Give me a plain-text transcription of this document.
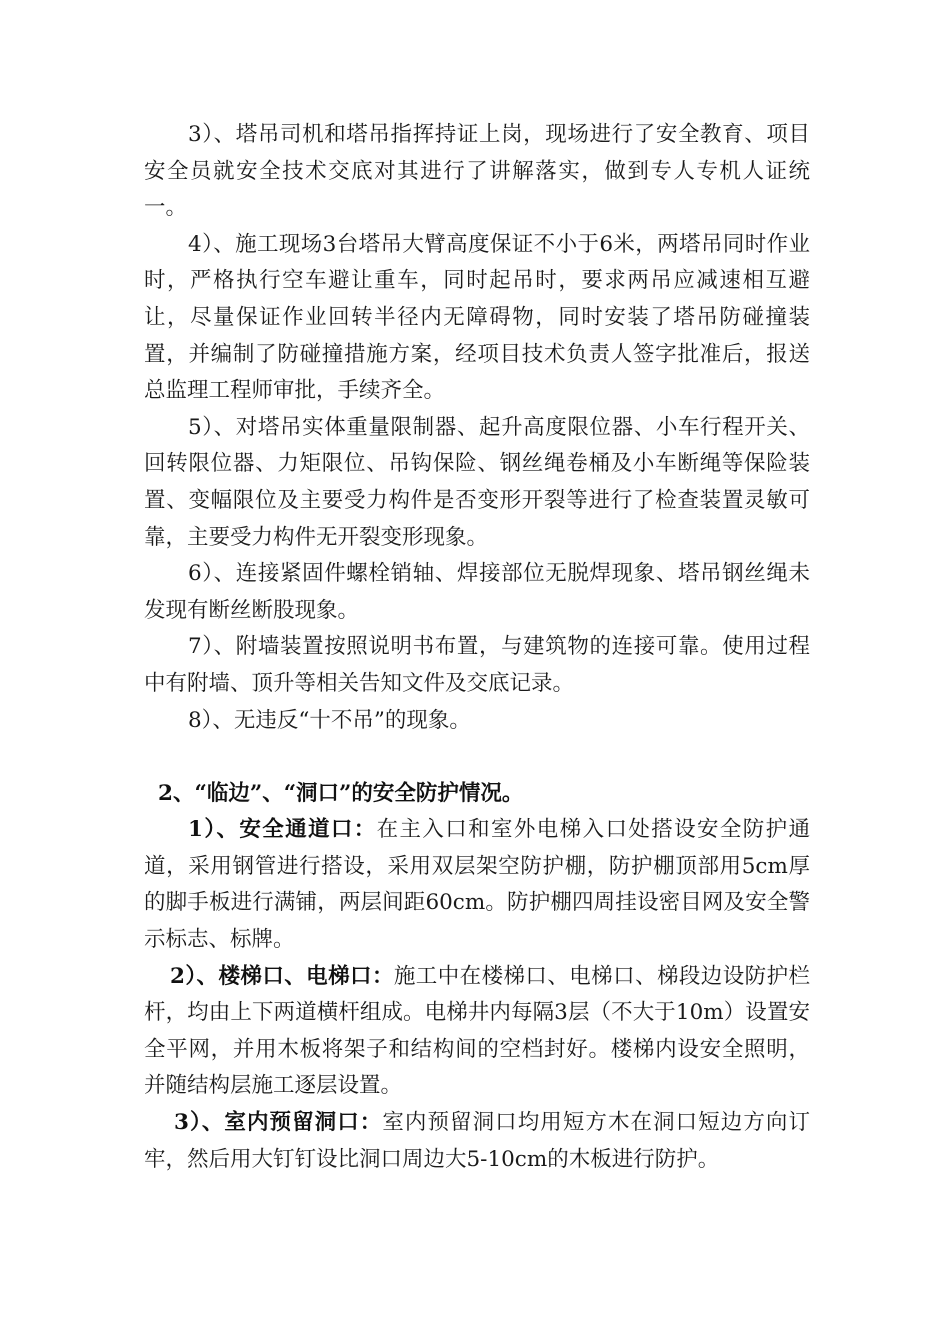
3）、塔吊司机和塔吊指挥持证上岗，现场进行了安全教育、项目安全员就安全技术交底对其进行了讲解落实，做到专人专机人证统一。

4）、施工现场3台塔吊大臂高度保证不小于6米，两塔吊同时作业时，严格执行空车避让重车，同时起吊时，要求两吊应减速相互避让，尽量保证作业回转半径内无障碍物，同时安装了塔吊防碰撞装置，并编制了防碰撞措施方案，经项目技术负责人签字批准后，报送总监理工程师审批，手续齐全。

5）、对塔吊实体重量限制器、起升高度限位器、小车行程开关、回转限位器、力矩限位、吊钩保险、钢丝绳卷桶及小车断绳等保险装置、变幅限位及主要受力构件是否变形开裂等进行了检查装置灵敏可靠，主要受力构件无开裂变形现象。

6）、连接紧固件螺栓销轴、焊接部位无脱焊现象、塔吊钢丝绳未发现有断丝断股现象。

7）、附墙装置按照说明书布置，与建筑物的连接可靠。使用过程中有附墙、顶升等相关告知文件及交底记录。

8）、无违反“十不吊”的现象。

2、“临边”、“洞口”的安全防护情况。

1）、安全通道口：在主入口和室外电梯入口处搭设安全防护通道，采用钢管进行搭设，采用双层架空防护棚，防护棚顶部用5cm厚的脚手板进行满铺，两层间距60cm。防护棚四周挂设密目网及安全警示标志、标牌。

2）、楼梯口、电梯口：施工中在楼梯口、电梯口、梯段边设防护栏杆，均由上下两道横杆组成。电梯井内每隔3层（不大于10m）设置安全平网，并用木板将架子和结构间的空档封好。楼梯内设安全照明，并随结构层施工逐层设置。

3）、室内预留洞口：室内预留洞口均用短方木在洞口短边方向订牢，然后用大钉钉设比洞口周边大5-10cm的木板进行防护。
